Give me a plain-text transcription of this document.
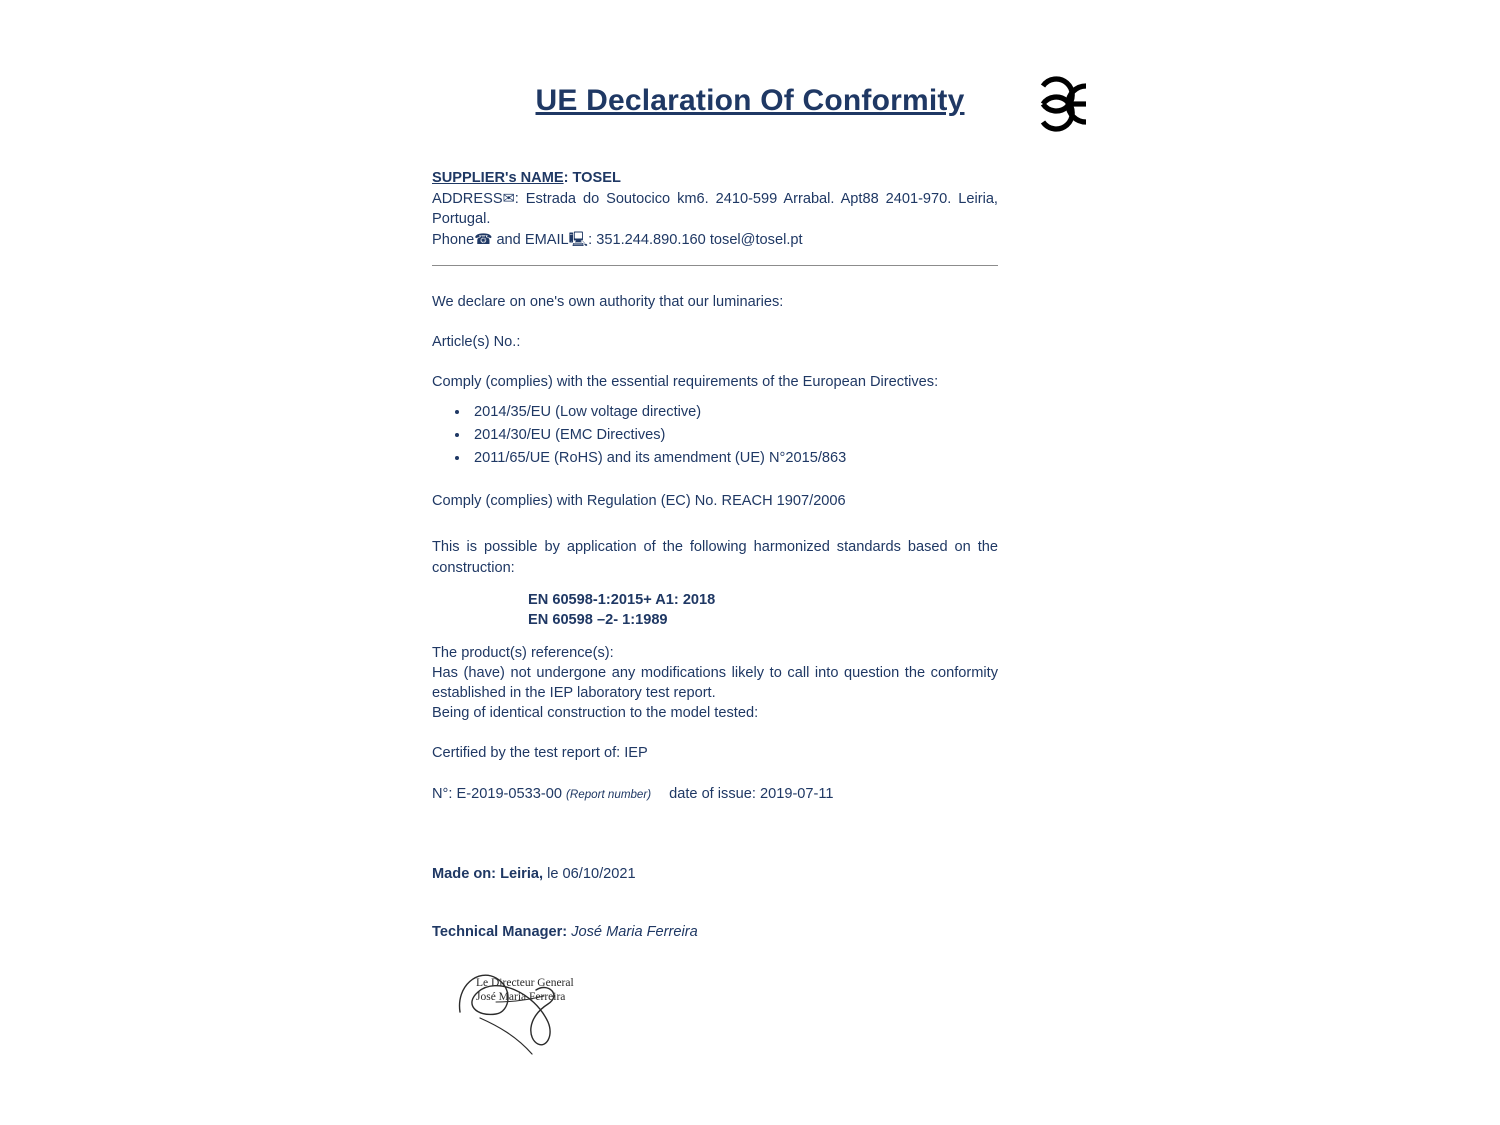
UE Declaration Of Conformity

SUPPLIER's NAME: TOSEL

ADDRESS✉: Estrada do Soutocico km6. 2410-599 Arrabal. Apt88 2401-970. Leiria, Portugal.

Phone☎ and EMAIL🖳: 351.244.890.160 tosel@tosel.pt

We declare on one's own authority that our luminaries:

Article(s) No.:

Comply (complies) with the essential requirements of the European Directives:

• 2014/35/EU (Low voltage directive)
• 2014/30/EU (EMC Directives)
• 2011/65/UE (RoHS) and its amendment (UE) N°2015/863

Comply (complies) with Regulation (EC) No. REACH 1907/2006

This is possible by application of the following harmonized standards based on the construction:

EN 60598-1:2015+ A1: 2018

EN 60598 –2- 1:1989

The product(s) reference(s):

Has (have) not undergone any modifications likely to call into question the conformity established in the IEP laboratory test report.

Being of identical construction to the model tested:

Certified by the test report of: IEP

N°: E-2019-0533-00 (Report number) date of issue: 2019-07-11

Made on: Leiria, le 06/10/2021

Technical Manager: José Maria Ferreira

Le Directeur General
José Maria Ferreira
